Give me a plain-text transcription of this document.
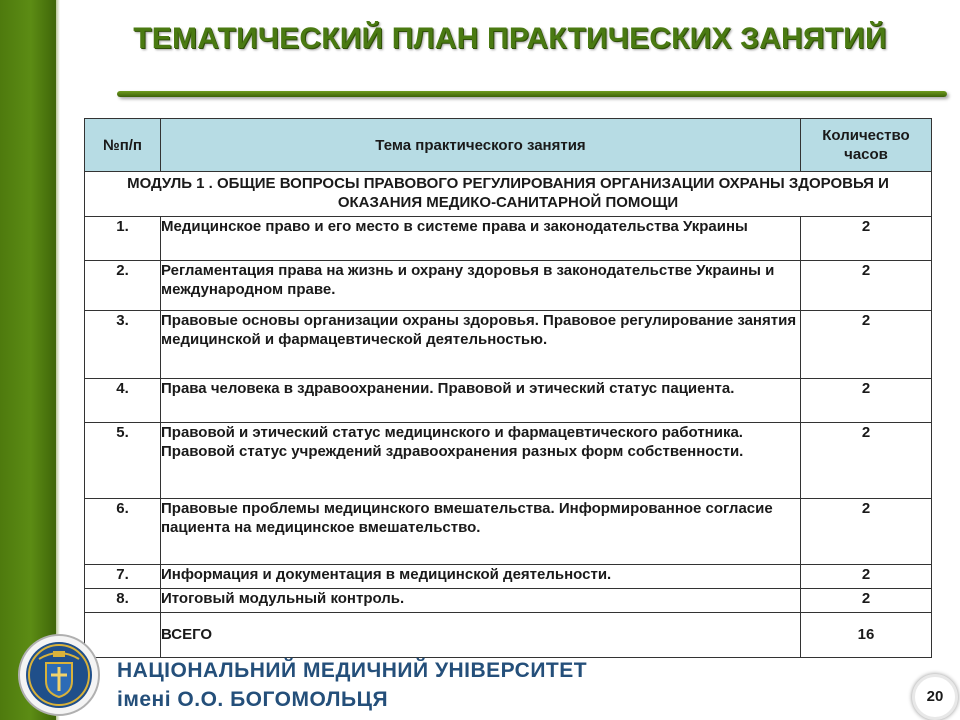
ТЕМАТИЧЕСКИЙ ПЛАН ПРАКТИЧЕСКИХ ЗАНЯТИЙ
№п/п	Тема практического занятия	Количество часов
МОДУЛЬ 1 . ОБЩИЕ ВОПРОСЫ ПРАВОВОГО РЕГУЛИРОВАНИЯ ОРГАНИЗАЦИИ ОХРАНЫ ЗДОРОВЬЯ И ОКАЗАНИЯ МЕДИКО-САНИТАРНОЙ ПОМОЩИ		
1.	Медицинское право и его место в системе права и законодательства Украины	2
2.	Регламентация права на жизнь и охрану здоровья в законодательстве Украины и международном праве.	2
3.	Правовые основы организации охраны здоровья. Правовое регулирование занятия медицинской и фармацевтической деятельностью.	2
4.	Права человека в здравоохранении. Правовой и этический статус пациента.	2
5.	Правовой и этический статус медицинского и фармацевтического работника. Правовой статус учреждений здравоохранения разных форм собственности.	2
6.	Правовые проблемы медицинского вмешательства. Информированное согласие пациента на медицинское вмешательство.	2
7.	Информация и документация в медицинской деятельности.	2
8.	Итоговый модульный контроль.	2
	ВСЕГО	16
НАЦІОНАЛЬНИЙ МЕДИЧНИЙ УНІВЕРСИТЕТ
імені О.О. БОГОМОЛЬЦЯ	20
